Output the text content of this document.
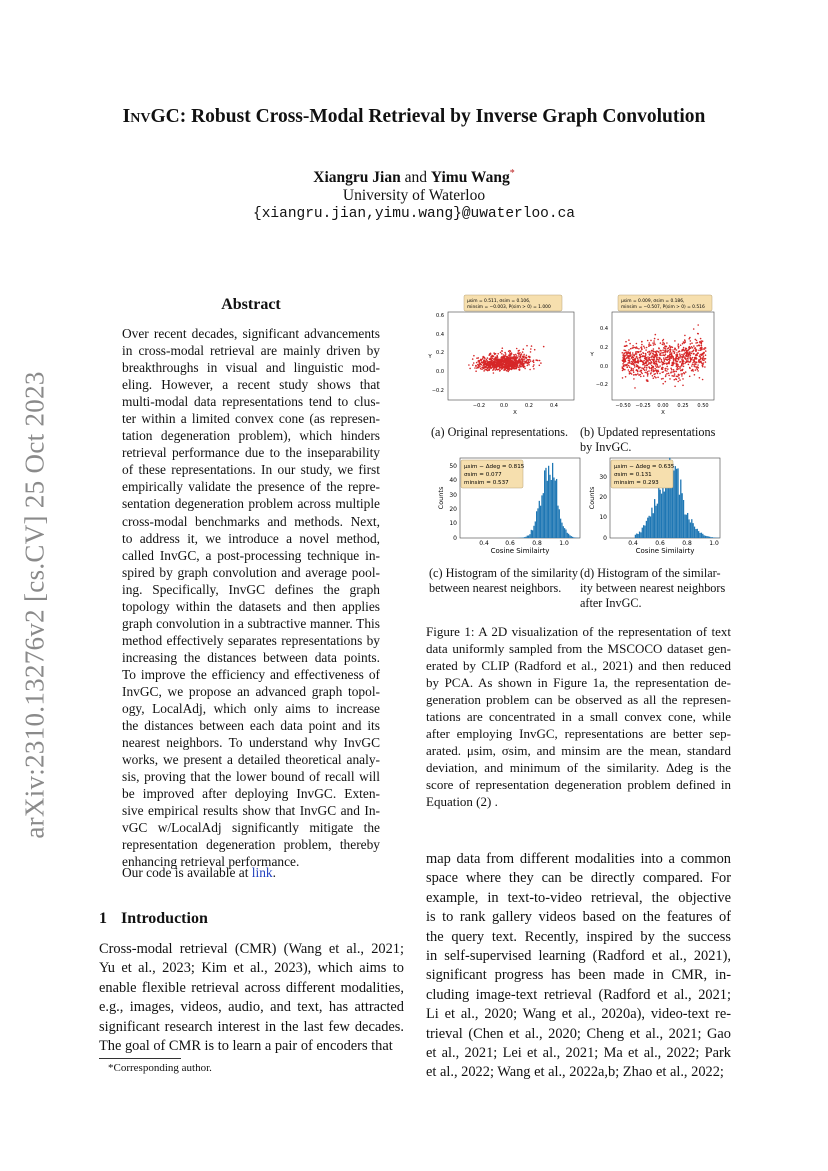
arXiv:2310.13276v2 [cs.CV] 25 Oct 2023
InvGC: Robust Cross-Modal Retrieval by Inverse Graph Convolution
Xiangru Jian and Yimu Wang*
University of Waterloo
{xiangru.jian,yimu.wang}@uwaterloo.ca
Abstract
Over recent decades, significant advancements
in cross-modal retrieval are mainly driven by
breakthroughs in visual and linguistic mod-
eling. However, a recent study shows that
multi-modal data representations tend to clus-
ter within a limited convex cone (as represen-
tation degeneration problem), which hinders
retrieval performance due to the inseparability
of these representations. In our study, we first
empirically validate the presence of the repre-
sentation degeneration problem across multiple
cross-modal benchmarks and methods. Next,
to address it, we introduce a novel method,
called InvGC, a post-processing technique in-
spired by graph convolution and average pool-
ing. Specifically, InvGC defines the graph
topology within the datasets and then applies
graph convolution in a subtractive manner. This
method effectively separates representations by
increasing the distances between data points.
To improve the efficiency and effectiveness of
InvGC, we propose an advanced graph topol-
ogy, LocalAdj, which only aims to increase
the distances between each data point and its
nearest neighbors. To understand why InvGC
works, we present a detailed theoretical analy-
sis, proving that the lower bound of recall will
be improved after deploying InvGC. Exten-
sive empirical results show that InvGC and In-
vGC w/LocalAdj significantly mitigate the
representation degeneration problem, thereby
enhancing retrieval performance.
Our code is available at link.
1 Introduction
Cross-modal retrieval (CMR) (Wang et al., 2021;
Yu et al., 2023; Kim et al., 2023), which aims to
enable flexible retrieval across different modalities,
e.g., images, videos, audio, and text, has attracted
significant research interest in the last few decades.
The goal of CMR is to learn a pair of encoders that
*Corresponding author.
μsim = 0.511, σsim = 0.106,
minsim = −0.003, P(sim > 0) = 1.000
0.6
0.4
0.2
0.0
−0.2
−0.2	0.0	0.2	0.4
X
Y
μsim = 0.009, σsim = 0.186,
minsim = −0.507, P(sim > 0) = 0.516
0.4
0.2
0.0
−0.2
−0.50 −0.25 0.00 0.25 0.50
X
Y
μsim − Δdeg = 0.815
σsim = 0.077
minsim = 0.537
50
40
30
20
10
0
0.4	0.6	0.8	1.0
Cosine Similairty
Counts
μsim − Δdeg = 0.635
σsim = 0.131
minsim = 0.293
30
20
10
0
0.4	0.6	0.8	1.0
Cosine Similairty
Counts
(a) Original representations. (b) Updated representations
by InvGC.
(c) Histogram of the similarity
between nearest neighbors.
(d) Histogram of the similar-
ity between nearest neighbors
after InvGC.
Figure 1: A 2D visualization of the representation of text
data uniformly sampled from the MSCOCO dataset gen-
erated by CLIP (Radford et al., 2021) and then reduced
by PCA. As shown in Figure 1a, the representation de-
generation problem can be observed as all the represen-
tations are concentrated in a small convex cone, while
after employing InvGC, representations are better sep-
arated. μsim, σsim, and minsim are the mean, standard
deviation, and minimum of the similarity. Δdeg is the
score of representation degeneration problem defined in
Equation (2) .
map data from different modalities into a common
space where they can be directly compared. For
example, in text-to-video retrieval, the objective
is to rank gallery videos based on the features of
the query text. Recently, inspired by the success
in self-supervised learning (Radford et al., 2021),
significant progress has been made in CMR, in-
cluding image-text retrieval (Radford et al., 2021;
Li et al., 2020; Wang et al., 2020a), video-text re-
trieval (Chen et al., 2020; Cheng et al., 2021; Gao
et al., 2021; Lei et al., 2021; Ma et al., 2022; Park
et al., 2022; Wang et al., 2022a,b; Zhao et al., 2022;
